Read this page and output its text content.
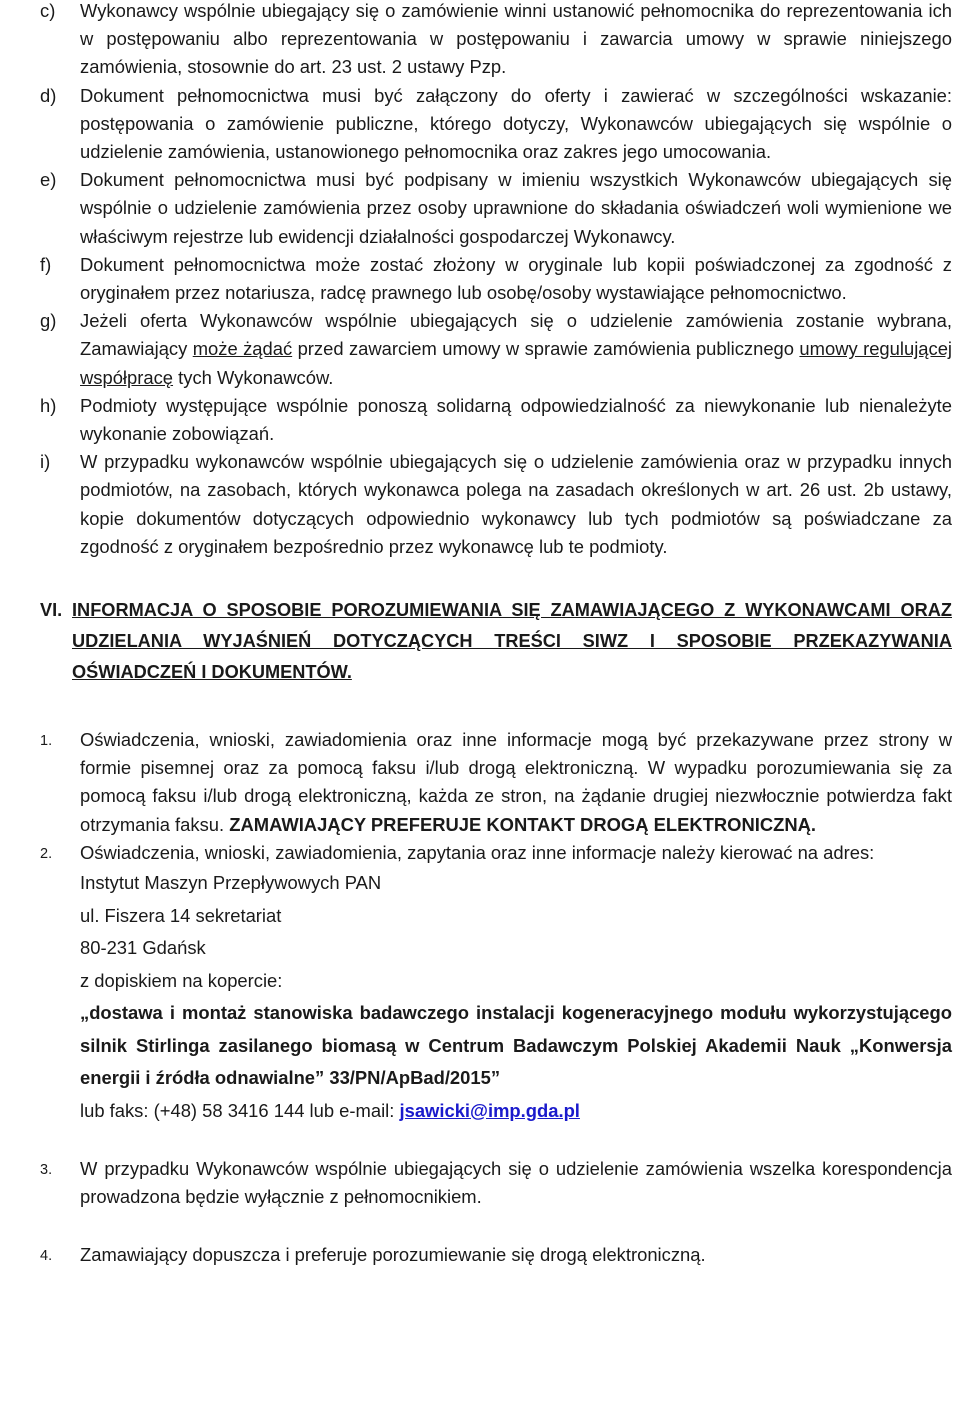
c) Wykonawcy wspólnie ubiegający się o zamówienie winni ustanowić pełnomocnika do reprezentowania ich w postępowaniu albo reprezentowania w postępowaniu i zawarcia umowy w sprawie niniejszego zamówienia, stosownie do art. 23 ust. 2 ustawy Pzp.

d) Dokument pełnomocnictwa musi być załączony do oferty i zawierać w szczególności wskazanie: postępowania o zamówienie publiczne, którego dotyczy, Wykonawców ubiegających się wspólnie o udzielenie zamówienia, ustanowionego pełnomocnika oraz zakres jego umocowania.

e) Dokument pełnomocnictwa musi być podpisany w imieniu wszystkich Wykonawców ubiegających się wspólnie o udzielenie zamówienia przez osoby uprawnione do składania oświadczeń woli wymienione we właściwym rejestrze lub ewidencji działalności gospodarczej Wykonawcy.

f) Dokument pełnomocnictwa może zostać złożony w oryginale lub kopii poświadczonej za zgodność z oryginałem przez notariusza, radcę prawnego lub osobę/osoby wystawiające pełnomocnictwo.

g) Jeżeli oferta Wykonawców wspólnie ubiegających się o udzielenie zamówienia zostanie wybrana, Zamawiający może żądać przed zawarciem umowy w sprawie zamówienia publicznego umowy regulującej współpracę tych Wykonawców.

h) Podmioty występujące wspólnie ponoszą solidarną odpowiedzialność za niewykonanie lub nienależyte wykonanie zobowiązań.

i) W przypadku wykonawców wspólnie ubiegających się o udzielenie zamówienia oraz w przypadku innych podmiotów, na zasobach, których wykonawca polega na zasadach określonych w art. 26 ust. 2b ustawy, kopie dokumentów dotyczących odpowiednio wykonawcy lub tych podmiotów są poświadczane za zgodność z oryginałem bezpośrednio przez wykonawcę lub te podmioty.

VI. INFORMACJA O SPOSOBIE POROZUMIEWANIA SIĘ ZAMAWIAJĄCEGO Z WYKONAWCAMI ORAZ UDZIELANIA WYJAŚNIEŃ DOTYCZĄCYCH TREŚCI SIWZ I SPOSOBIE PRZEKAZYWANIA OŚWIADCZEŃ I DOKUMENTÓW.

1. Oświadczenia, wnioski, zawiadomienia oraz inne informacje mogą być przekazywane przez strony w formie pisemnej oraz za pomocą faksu i/lub drogą elektroniczną. W wypadku porozumiewania się za pomocą faksu i/lub drogą elektroniczną, każda ze stron, na żądanie drugiej niezwłocznie potwierdza fakt otrzymania faksu. ZAMAWIAJĄCY PREFERUJE KONTAKT DROGĄ ELEKTRONICZNĄ.

2. Oświadczenia, wnioski, zawiadomienia, zapytania oraz inne informacje należy kierować na adres:

Instytut Maszyn Przepływowych PAN
ul. Fiszera 14 sekretariat
80-231 Gdańsk
z dopiskiem na kopercie:
„dostawa i montaż stanowiska badawczego instalacji kogeneracyjnego modułu wykorzystującego silnik Stirlinga zasilanego biomasą w Centrum Badawczym Polskiej Akademii Nauk „Konwersja energii i źródła odnawialne” 33/PN/ApBad/2015”
lub faks: (+48) 58 3416 144 lub e-mail: jsawicki@imp.gda.pl

3. W przypadku Wykonawców wspólnie ubiegających się o udzielenie zamówienia wszelka korespondencja prowadzona będzie wyłącznie z pełnomocnikiem.

4. Zamawiający dopuszcza i preferuje porozumiewanie się drogą elektroniczną.
